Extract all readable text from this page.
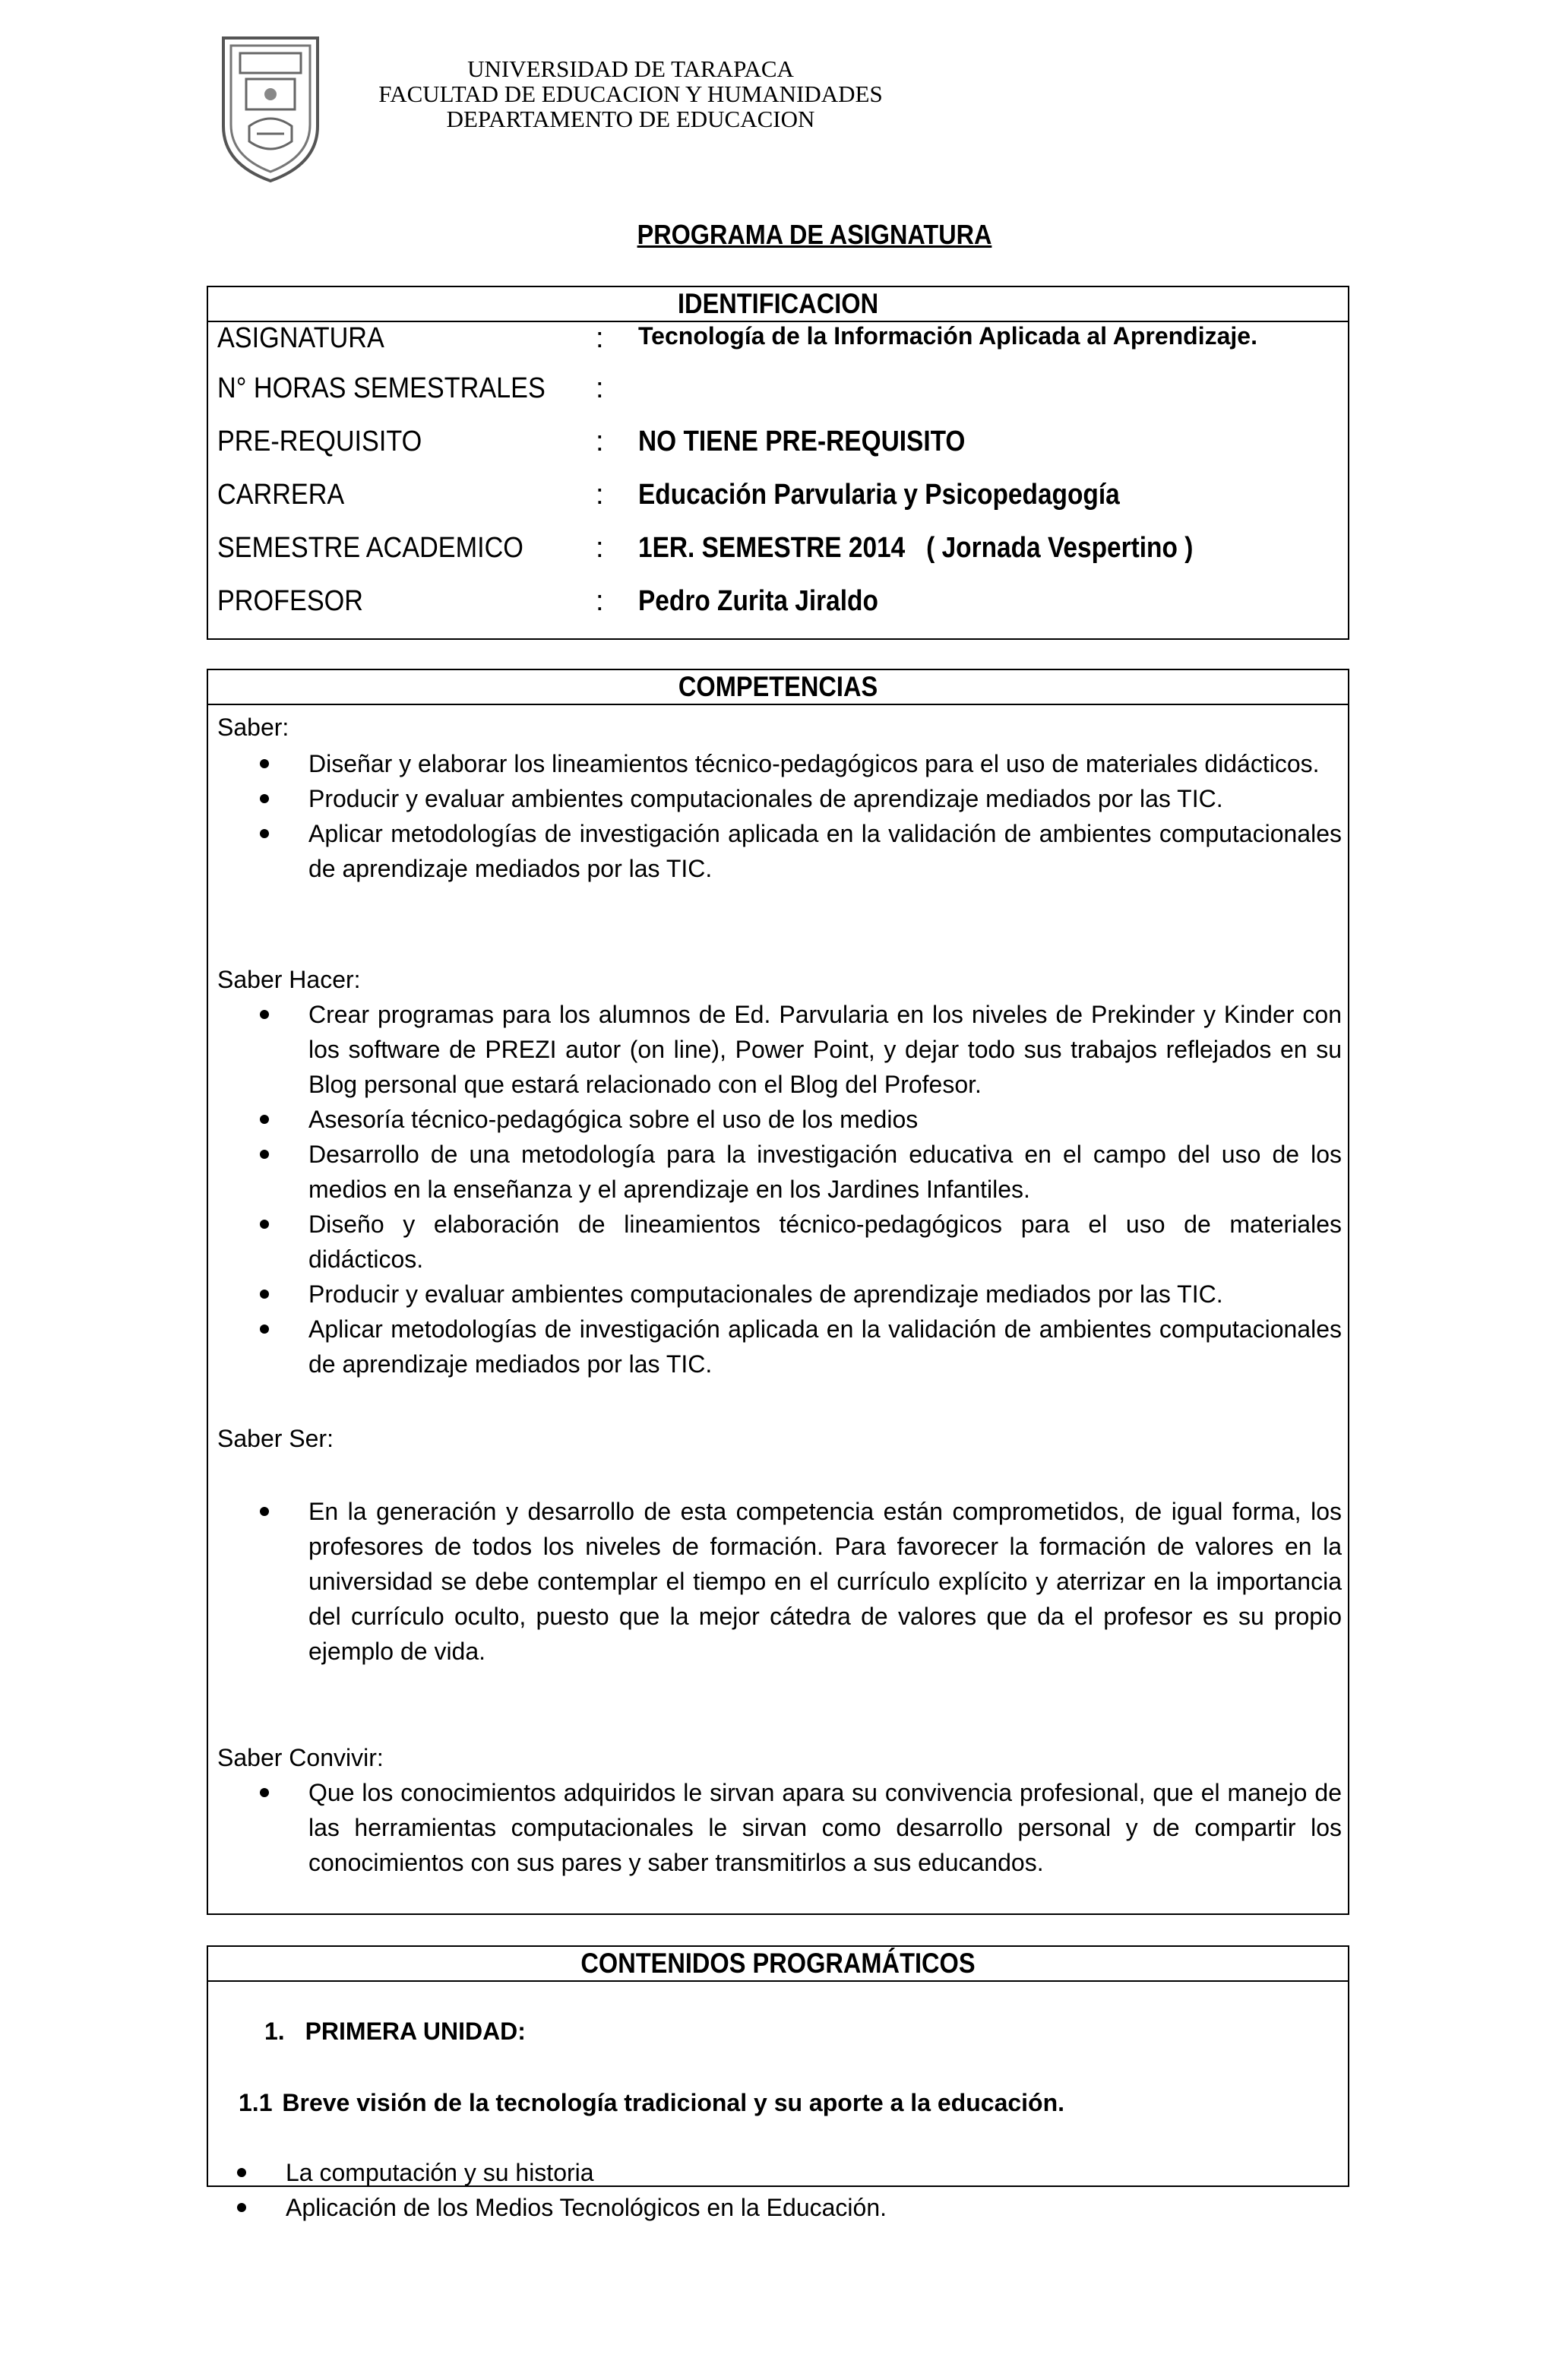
UNIVERSIDAD DE TARAPACA
FACULTAD DE EDUCACION Y HUMANIDADES
DEPARTAMENTO DE EDUCACION
PROGRAMA DE ASIGNATURA
IDENTIFICACION
ASIGNATURA	: Tecnología de la Información Aplicada al Aprendizaje.
N° HORAS SEMESTRALES :
PRE-REQUISITO	: NO TIENE PRE-REQUISITO
CARRERA	: Educación Parvularia y Psicopedagogía
SEMESTRE ACADEMICO	: 1ER. SEMESTRE 2014   ( Jornada Vespertino )
PROFESOR	: Pedro Zurita Jiraldo
COMPETENCIAS
Saber:
Diseñar y elaborar los lineamientos técnico-pedagógicos para el uso de materiales didácticos.
Producir y evaluar ambientes computacionales de aprendizaje mediados por las TIC.
Aplicar metodologías de investigación aplicada en la validación de ambientes computacionales de aprendizaje mediados por las TIC.
Saber Hacer:
Crear programas para los alumnos de Ed. Parvularia en los niveles de Prekinder y Kinder con los software de PREZI autor (on line), Power Point, y dejar todo sus trabajos reflejados en su Blog personal que estará relacionado con el Blog del Profesor.
Asesoría técnico-pedagógica sobre el uso de los medios
Desarrollo de una metodología para la investigación educativa en el campo del uso de los medios en la enseñanza y el aprendizaje en los Jardines Infantiles.
Diseño y elaboración de lineamientos técnico-pedagógicos para el uso de materiales didácticos.
Producir y evaluar ambientes computacionales de aprendizaje mediados por las TIC.
Aplicar metodologías de investigación aplicada en la validación de ambientes computacionales de aprendizaje mediados por las TIC.
Saber Ser:
En la generación y desarrollo de esta competencia están comprometidos, de igual forma, los profesores de todos los niveles de formación. Para favorecer la formación de valores en la universidad se debe contemplar el tiempo en el currículo explícito y aterrizar en la importancia del currículo oculto, puesto que la mejor cátedra de valores que da el profesor es su propio ejemplo de vida.
Saber Convivir:
Que los conocimientos adquiridos le sirvan apara su convivencia profesional, que el manejo de las herramientas computacionales le sirvan como desarrollo personal y de compartir los conocimientos con sus pares y saber transmitirlos a sus educandos.
CONTENIDOS PROGRAMÁTICOS
1. PRIMERA UNIDAD:
1.1 Breve visión de la tecnología tradicional y su aporte a la educación.
La computación y su historia
Aplicación de los Medios Tecnológicos en la Educación.
